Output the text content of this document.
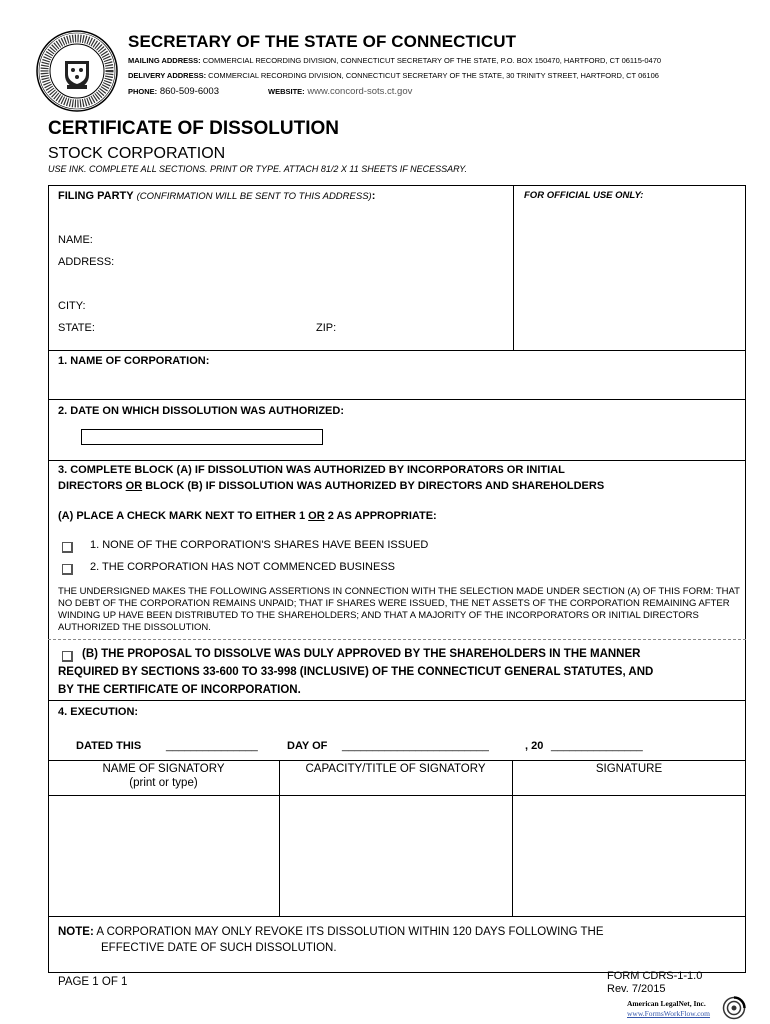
SECRETARY OF THE STATE OF CONNECTICUT
MAILING ADDRESS: COMMERCIAL RECORDING DIVISION, CONNECTICUT SECRETARY OF THE STATE, P.O. BOX 150470, HARTFORD, CT 06115-0470
DELIVERY ADDRESS: COMMERCIAL RECORDING DIVISION, CONNECTICUT SECRETARY OF THE STATE, 30 TRINITY STREET, HARTFORD, CT 06106
PHONE: 860-509-6003	WEBSITE: www.concord-sots.ct.gov
CERTIFICATE OF DISSOLUTION
STOCK CORPORATION
USE INK. COMPLETE ALL SECTIONS. PRINT OR TYPE. ATTACH 81/2 X 11 SHEETS IF NECESSARY.
FILING PARTY (CONFIRMATION WILL BE SENT TO THIS ADDRESS):	FOR OFFICIAL USE ONLY:
NAME:
ADDRESS:
CITY:
STATE:	ZIP:
1. NAME OF CORPORATION:
2. DATE ON WHICH DISSOLUTION WAS AUTHORIZED:
3. COMPLETE BLOCK (A) IF DISSOLUTION WAS AUTHORIZED BY INCORPORATORS OR INITIAL
DIRECTORS OR BLOCK (B) IF DISSOLUTION WAS AUTHORIZED BY DIRECTORS AND SHAREHOLDERS
(A) PLACE A CHECK MARK NEXT TO EITHER 1 OR 2 AS APPROPRIATE:
1. NONE OF THE CORPORATION'S SHARES HAVE BEEN ISSUED
2. THE CORPORATION HAS NOT COMMENCED BUSINESS
THE UNDERSIGNED MAKES THE FOLLOWING ASSERTIONS IN CONNECTION WITH THE SELECTION MADE UNDER SECTION (A) OF THIS FORM: THAT NO DEBT OF THE CORPORATION REMAINS UNPAID; THAT IF SHARES WERE ISSUED, THE NET ASSETS OF THE CORPORATION REMAINING AFTER WINDING UP HAVE BEEN DISTRIBUTED TO THE SHAREHOLDERS; AND THAT A MAJORITY OF THE INCORPORATORS OR INITIAL DIRECTORS AUTHORIZED THE DISSOLUTION.
(B) THE PROPOSAL TO DISSOLVE WAS DULY APPROVED BY THE SHAREHOLDERS IN THE MANNER
REQUIRED BY SECTIONS 33-600 TO 33-998 (INCLUSIVE) OF THE CONNECTICUT GENERAL STATUTES, AND
BY THE CERTIFICATE OF INCORPORATION.
4. EXECUTION:
DATED THIS _______________	DAY OF ________________________	, 20 _______________
NAME OF SIGNATORY
(print or type)
CAPACITY/TITLE OF SIGNATORY	SIGNATURE
NOTE: A CORPORATION MAY ONLY REVOKE ITS DISSOLUTION WITHIN 120 DAYS FOLLOWING THE
EFFECTIVE DATE OF SUCH DISSOLUTION.
PAGE 1 OF 1	FORM CDRS-1-1.0
Rev. 7/2015
American LegalNet, Inc.
www.FormsWorkFlow.com
